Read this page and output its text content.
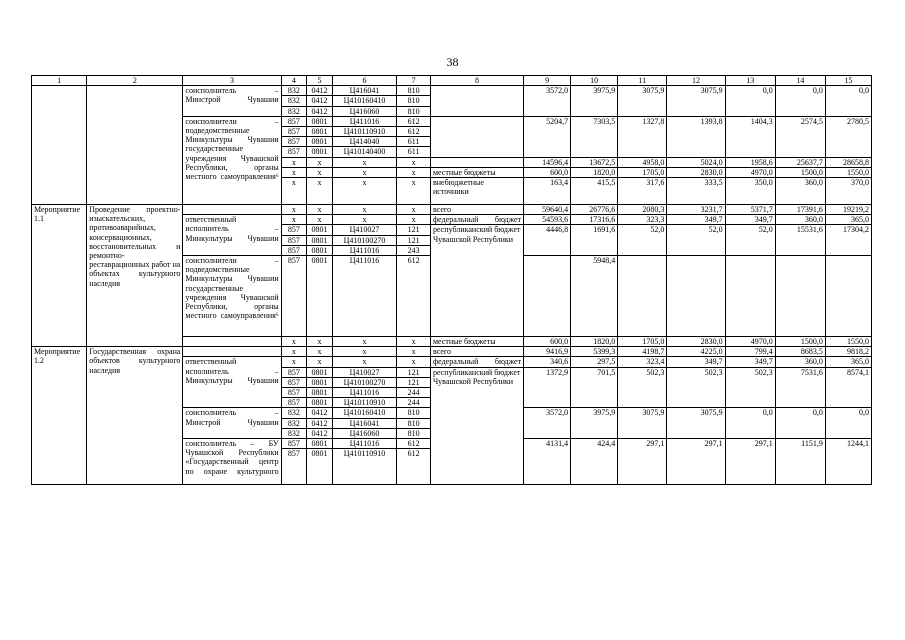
38
1	2	3	4	5	6	7	8	9	10	11	12	13	14	15
		соисполнитель – Минстрой Чувашии	832	0412	Ц416041	810		3572,0	3975,9	3075,9	3075,9	0,0	0,0	0,0
			832	0412	Ц410160410	810								
			832	0412	Ц416060	810								
		соисполнители – подведомственные Минкультуры Чувашии государственные учреждения Чувашской Республики, органы местного самоуправления⁶	857	0801	Ц411016	612		5204,7	7303,5	1327,8	1393,8	1404,3	2574,5	2780,5
			857	0801	Ц410110910	612								
			857	0801	Ц414040	611								
			857	0801	Ц410140400	611								
			х	х	х	х		14596,4	13672,5	4958,0	5024,0	1958,6	25637,7	28658,8
			х	х	х	х	местные бюджеты	600,0	1820,0	1705,0	2830,0	4970,0	1500,0	1550,0
			х	х	х	х	внебюджетные источники	163,4	415,5	317,6	333,5	350,0	360,0	370,0

Мероприятие 1.1	Проведение проектно-изыскательских, противоаварийных, консервационных, восстановительных и ремонтно-реставрационных работ на объектах культурного наследия		х	х	х	х	всего	59640,4	26776,6	2080,3	3231,7	5371,7	17391,6	19219,2
		ответственный исполнитель – Минкультуры Чувашии	х	х	х	х	федеральный бюджет	54593,6	17316,6	323,3	349,7	349,7	360,0	365,0

			857	0801	Ц410027	121	республиканский бюджет Чувашской Республики	4446,8	1691,6	52,0	52,0	52,0	15531,6	17304,2
			857	0801	Ц410100270	121								
			857	0801	Ц411016	243								
		соисполнители – подведомственные Минкультуры Чувашии государственные учреждения Чувашской Республики, органы местного самоуправления⁶	857	0801	Ц411016	612			5948,4					

			х	х	х	х	местные бюджеты	600,0	1820,0	1705,0	2830,0	4970,0	1500,0	1550,0
Мероприятие 1.2	Государственная охрана объектов культурного наследия		х	х	х	х	всего	9416,9	5399,3	4198,7	4225,0	799,4	8683,5	9818,2
		ответственный исполнитель – Минкультуры Чувашии	х	х	х	х	федеральный бюджет	340,6	297,5	323,4	349,7	349,7	360,0	365,0

			857	0801	Ц410027	121	республиканский бюджет Чувашской Республики	1372,9	701,5	502,3	502,3	502,3	7531,6	8574,1
			857	0801	Ц410100270	121								
			857	0801	Ц411016	244								
			857	0801	Ц410110910	244								
		соисполнитель – Минстрой Чувашии	832	0412	Ц410160410	810		3572,0	3975,9	3075,9	3075,9	0,0	0,0	0,0
			832	0412	Ц416041	810								
			832	0412	Ц416060	810								
		соисполнитель – БУ Чувашской Республики «Государственный центр по охране культурного	857	0801	Ц411016	612		4131,4	424,4	297,1	297,1	297,1	1151,9	1244,1
			857	0801	Ц410110910	612								
